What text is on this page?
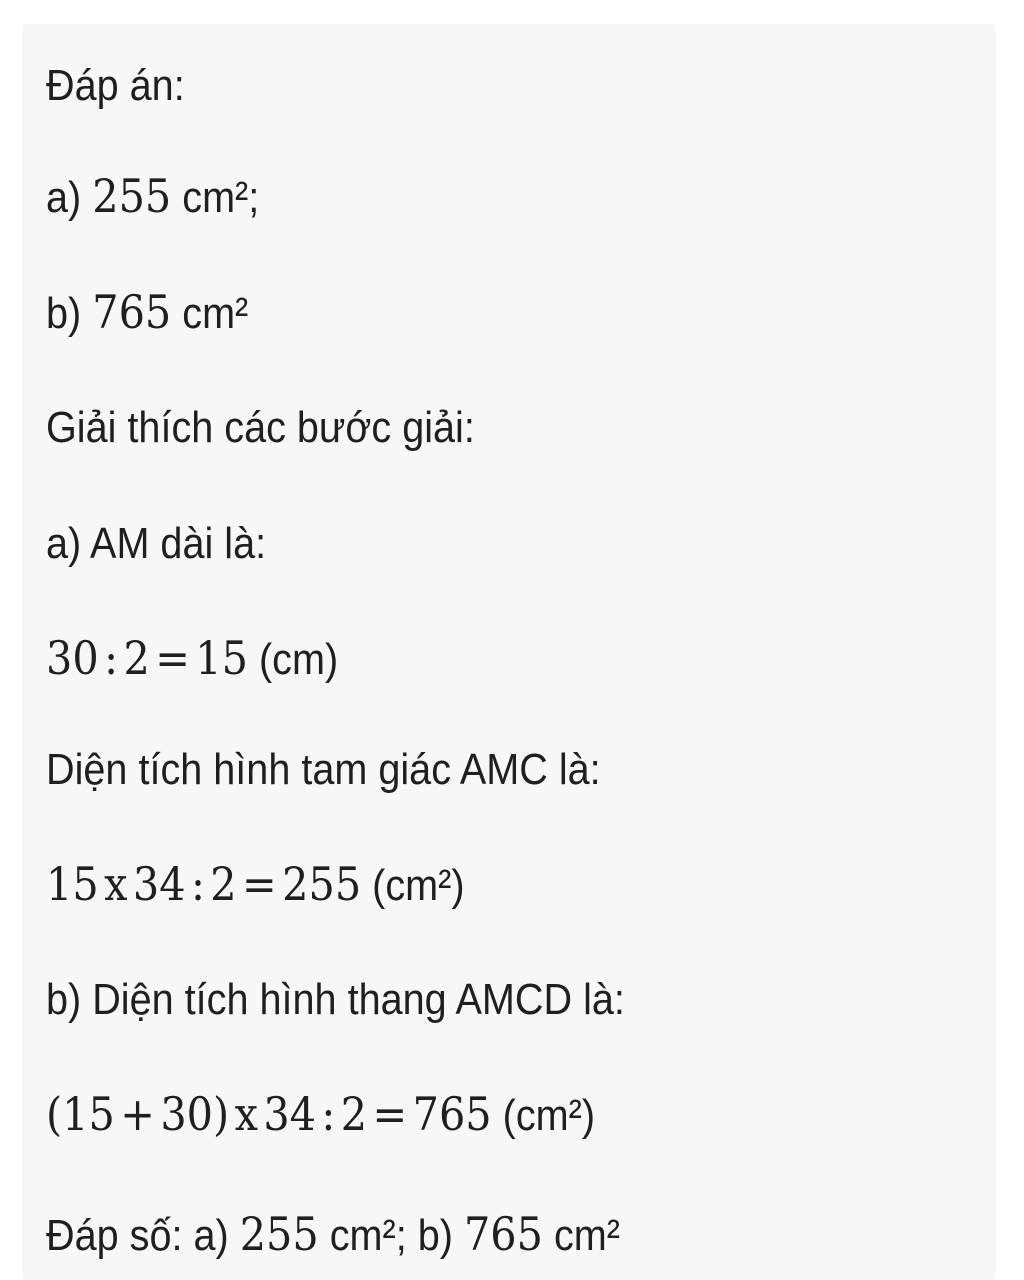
Đáp án:
a) 255 cm²;
b) 765 cm²
Giải thích các bước giải:
a) AM dài là:
30 : 2 = 15 (cm)
Diện tích hình tam giác AMC là:
15 x 34 : 2 = 255 (cm²)
b) Diện tích hình thang AMCD là:
(15 + 30) x 34 : 2 = 765 (cm²)
Đáp số: a) 255 cm²; b) 765 cm²
